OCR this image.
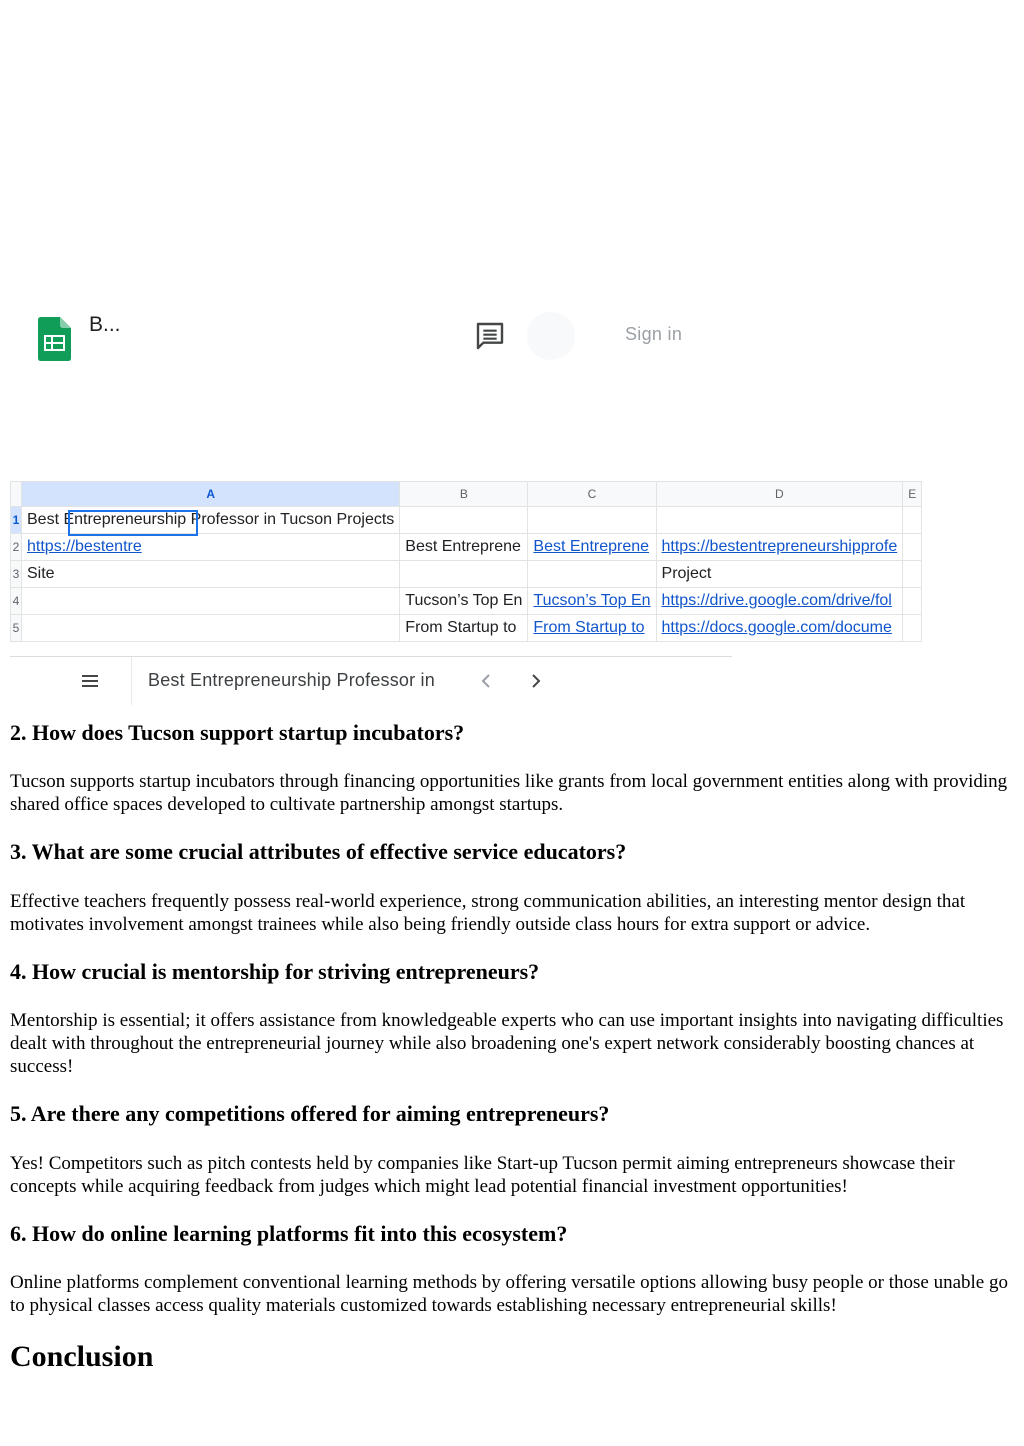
B...	Sign in
	A	B	C	D	E
1	Best Entrepreneurship Professor in Tucson Projects				
2	https://bestentre	Best Entreprene	Best Entreprene	https://bestentrepreneurshipprofe	
3	Site			Project	
4		Tucson’s Top En	Tucson’s Top En	https://drive.google.com/drive/fol	
5		From Startup to	From Startup to	https://docs.google.com/docume	
Best Entrepreneurship Professor in
2. How does Tucson support startup incubators?

Tucson supports startup incubators through financing opportunities like grants from local government entities along with providing shared office spaces developed to cultivate partnership amongst startups.

3. What are some crucial attributes of effective service educators?

Effective teachers frequently possess real-world experience, strong communication abilities, an interesting mentor design that motivates involvement amongst trainees while also being friendly outside class hours for extra support or advice.

4. How crucial is mentorship for striving entrepreneurs?

Mentorship is essential; it offers assistance from knowledgeable experts who can use important insights into navigating difficulties dealt with throughout the entrepreneurial journey while also broadening one's expert network considerably boosting chances at success!

5. Are there any competitions offered for aiming entrepreneurs?

Yes! Competitors such as pitch contests held by companies like Start-up Tucson permit aiming entrepreneurs showcase their concepts while acquiring feedback from judges which might lead potential financial investment opportunities!

6. How do online learning platforms fit into this ecosystem?

Online platforms complement conventional learning methods by offering versatile options allowing busy people or those unable go to physical classes access quality materials customized towards establishing necessary entrepreneurial skills!

Conclusion
